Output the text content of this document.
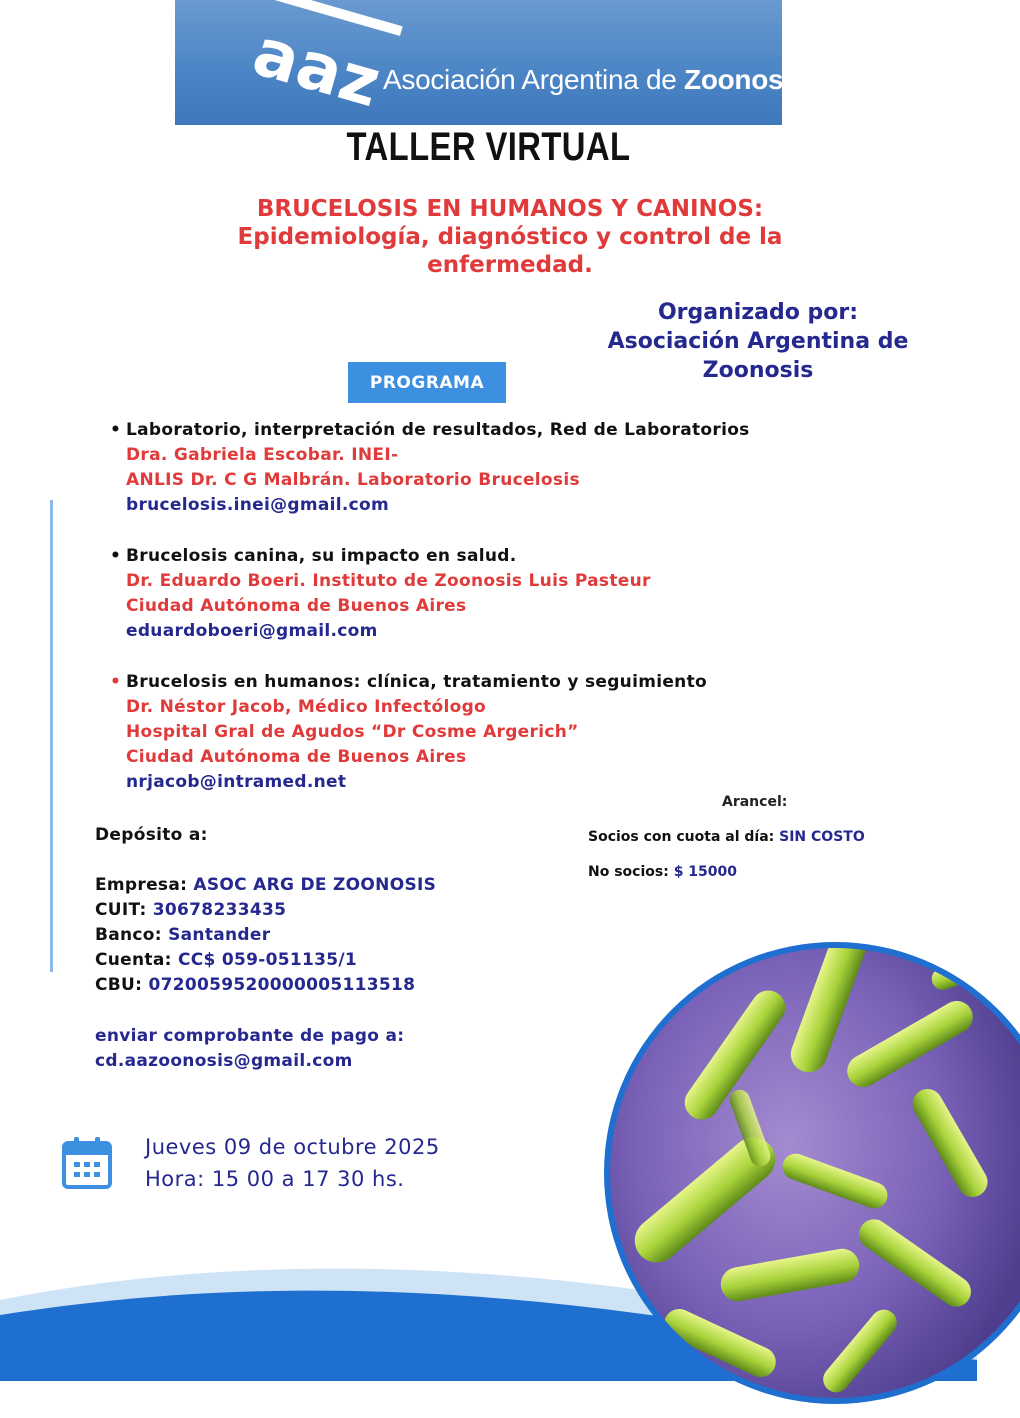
aaz
Asociación Argentina de Zoonosis
TALLER VIRTUAL
BRUCELOSIS EN HUMANOS Y CANINOS:
Epidemiología, diagnóstico y control de la
enfermedad.
Organizado por:
Asociación Argentina de
Zoonosis
PROGRAMA
• Laboratorio, interpretación de resultados, Red de Laboratorios
Dra. Gabriela Escobar. INEI-
ANLIS Dr. C G Malbrán. Laboratorio Brucelosis
brucelosis.inei@gmail.com
• Brucelosis canina, su impacto en salud.
Dr. Eduardo Boeri. Instituto de Zoonosis Luis Pasteur
Ciudad Autónoma de Buenos Aires
eduardoboeri@gmail.com
• Brucelosis en humanos: clínica, tratamiento y seguimiento
Dr. Néstor Jacob, Médico Infectólogo
Hospital Gral de Agudos “Dr Cosme Argerich”
Ciudad Autónoma de Buenos Aires
nrjacob@intramed.net
Arancel:
Socios con cuota al día: SIN COSTO
No socios: $ 15000
Depósito a:
Empresa: ASOC ARG DE ZOONOSIS
CUIT: 30678233435
Banco: Santander
Cuenta: CC$ 059-051135/1
CBU: 0720059520000005113518
enviar comprobante de pago a:
cd.aazoonosis@gmail.com
Jueves 09 de octubre 2025
Hora: 15 00 a 17 30 hs.
